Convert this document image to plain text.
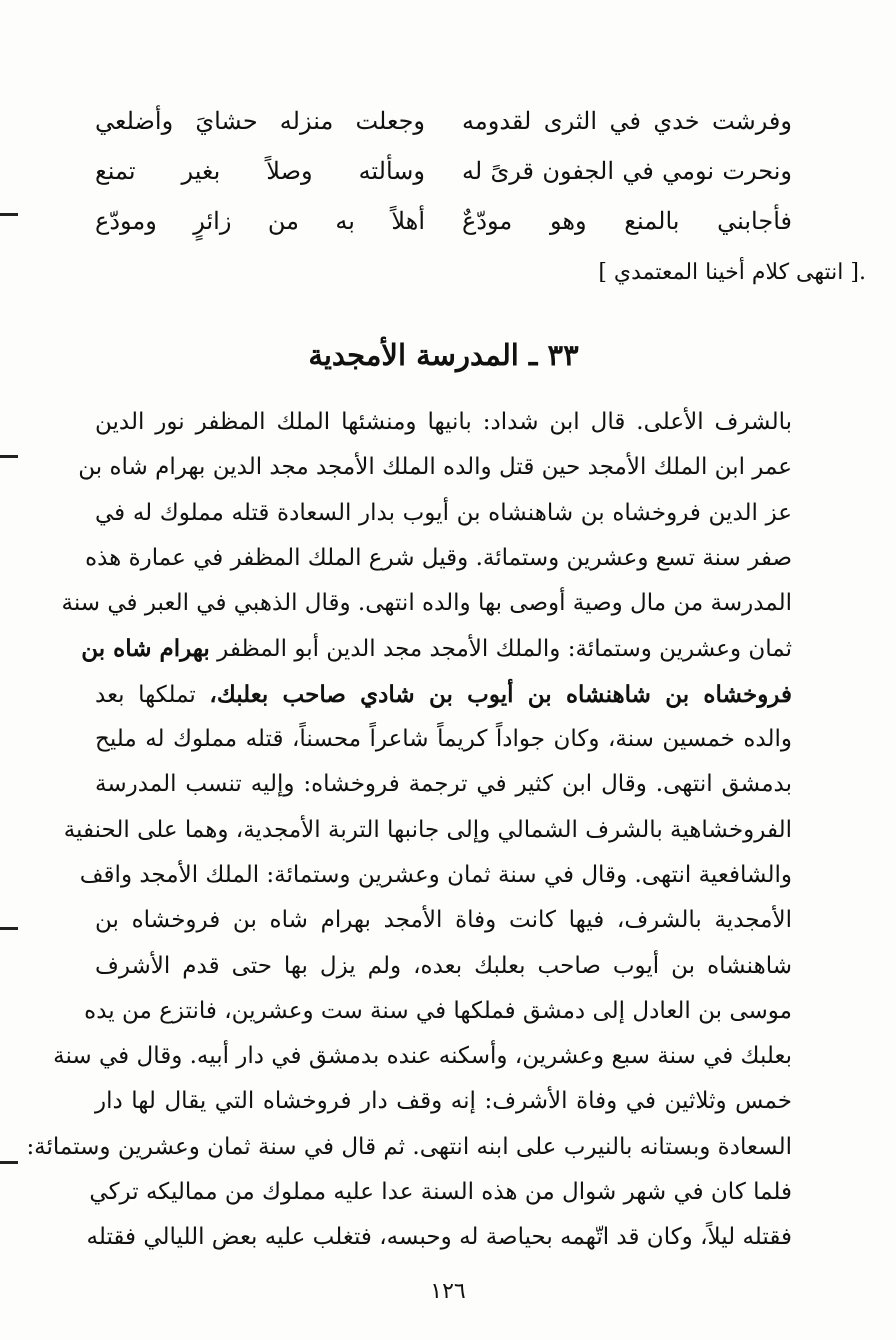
وفرشت خدي في الثرى لقدومه
وجعلت منزله حشايَ وأضلعي
ونحرت نومي في الجفون قرىً له
وسألته وصلاً بغير تمنع
فأجابني بالمنع وهو مودّعٌ
أهلاً به من زائرٍ ومودّع
[ انتهى كلام أخينا المعتمدي ].
٣٣ ـ المدرسة الأمجدية
بالشرف الأعلى. قال ابن شداد: بانيها ومنشئها الملك المظفر نور الدين
عمر ابن الملك الأمجد حين قتل والده الملك الأمجد مجد الدين بهرام شاه بن
عز الدين فروخشاه بن شاهنشاه بن أيوب بدار السعادة قتله مملوك له في
صفر سنة تسع وعشرين وستمائة. وقيل شرع الملك المظفر في عمارة هذه
المدرسة من مال وصية أوصى بها والده انتهى. وقال الذهبي في العبر في سنة
ثمان وعشرين وستمائة: والملك الأمجد مجد الدين أبو المظفر بهرام شاه بن
فروخشاه بن شاهنشاه بن أيوب بن شادي صاحب بعلبك، تملكها بعد
والده خمسين سنة، وكان جواداً كريماً شاعراً محسناً، قتله مملوك له مليح
بدمشق انتهى. وقال ابن كثير في ترجمة فروخشاه: وإليه تنسب المدرسة
الفروخشاهية بالشرف الشمالي وإلى جانبها التربة الأمجدية، وهما على الحنفية
والشافعية انتهى. وقال في سنة ثمان وعشرين وستمائة: الملك الأمجد واقف
الأمجدية بالشرف، فيها كانت وفاة الأمجد بهرام شاه بن فروخشاه بن
شاهنشاه بن أيوب صاحب بعلبك بعده، ولم يزل بها حتى قدم الأشرف
موسى بن العادل إلى دمشق فملكها في سنة ست وعشرين، فانتزع من يده
بعلبك في سنة سبع وعشرين، وأسكنه عنده بدمشق في دار أبيه. وقال في سنة
خمس وثلاثين في وفاة الأشرف: إنه وقف دار فروخشاه التي يقال لها دار
السعادة وبستانه بالنيرب على ابنه انتهى. ثم قال في سنة ثمان وعشرين وستمائة:
فلما كان في شهر شوال من هذه السنة عدا عليه مملوك من مماليكه تركي
فقتله ليلاً، وكان قد اتّهمه بحياصة له وحبسه، فتغلب عليه بعض الليالي فقتله
١٢٦
